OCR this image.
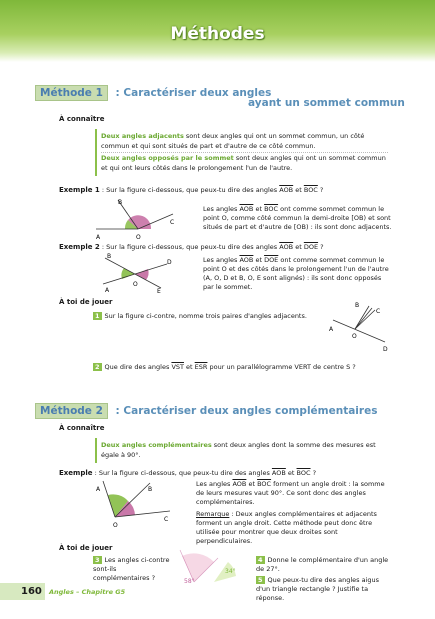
Méthodes
Méthode 1 : Caractériser deux angles
ayant un sommet commun
À connaître
Deux angles adjacents sont deux angles qui ont un sommet commun, un côté commun et qui sont situés de part et d'autre de ce côté commun.
Deux angles opposés par le sommet sont deux angles qui ont un sommet commun et qui ont leurs côtés dans le prolongement l'un de l'autre.
Exemple 1 : Sur la figure ci-dessous, que peux-tu dire des angles $\overline{AOB}$ et $\overline{BOC}$ ?
A
B
O
C
Les angles $\overline{AOB}$ et $\overline{BOC}$ ont comme sommet commun le point O, comme côté commun la demi-droite [OB) et sont situés de part et d'autre de [OB) : ils sont donc adjacents.
Exemple 2 : Sur la figure ci-dessous, que peux-tu dire des angles $\overline{AOB}$ et $\overline{DOE}$ ?
B
A
O
D
E
Les angles $\overline{AOB}$ et $\overline{DOE}$ ont comme sommet commun le point O et des côtés dans le prolongement l'un de l'autre (A, O, D et B, O, E sont alignés) : ils sont donc opposés par le sommet.
À toi de jouer
1 Sur la figure ci-contre, nomme trois paires d'angles adjacents.
B
C
A
O
D
2 Que dire des angles $\overline{VST}$ et $\overline{ESR}$ pour un parallélogramme VERT de centre S ?
Méthode 2 : Caractériser deux angles complémentaires
À connaître
Deux angles complémentaires sont deux angles dont la somme des mesures est égale à 90°.
Exemple : Sur la figure ci-dessous, que peux-tu dire des angles $\overline{AOB}$ et $\overline{BOC}$ ?
A	B
O
C
Les angles $\overline{AOB}$ et $\overline{BOC}$ forment un angle droit : la somme de leurs mesures vaut 90°. Ce sont donc des angles complémentaires.
Remarque : Deux angles complémentaires et adjacents forment un angle droit. Cette méthode peut donc être utilisée pour montrer que deux droites sont perpendiculaires.
À toi de jouer
3 Les angles ci-contre sont-ils complémentaires ?	58°
34°
4 Donne le complémentaire d'un angle de 27°.
5 Que peux-tu dire des angles aigus d'un triangle rectangle ? Justifie ta réponse.
160 Angles – Chapitre G5
